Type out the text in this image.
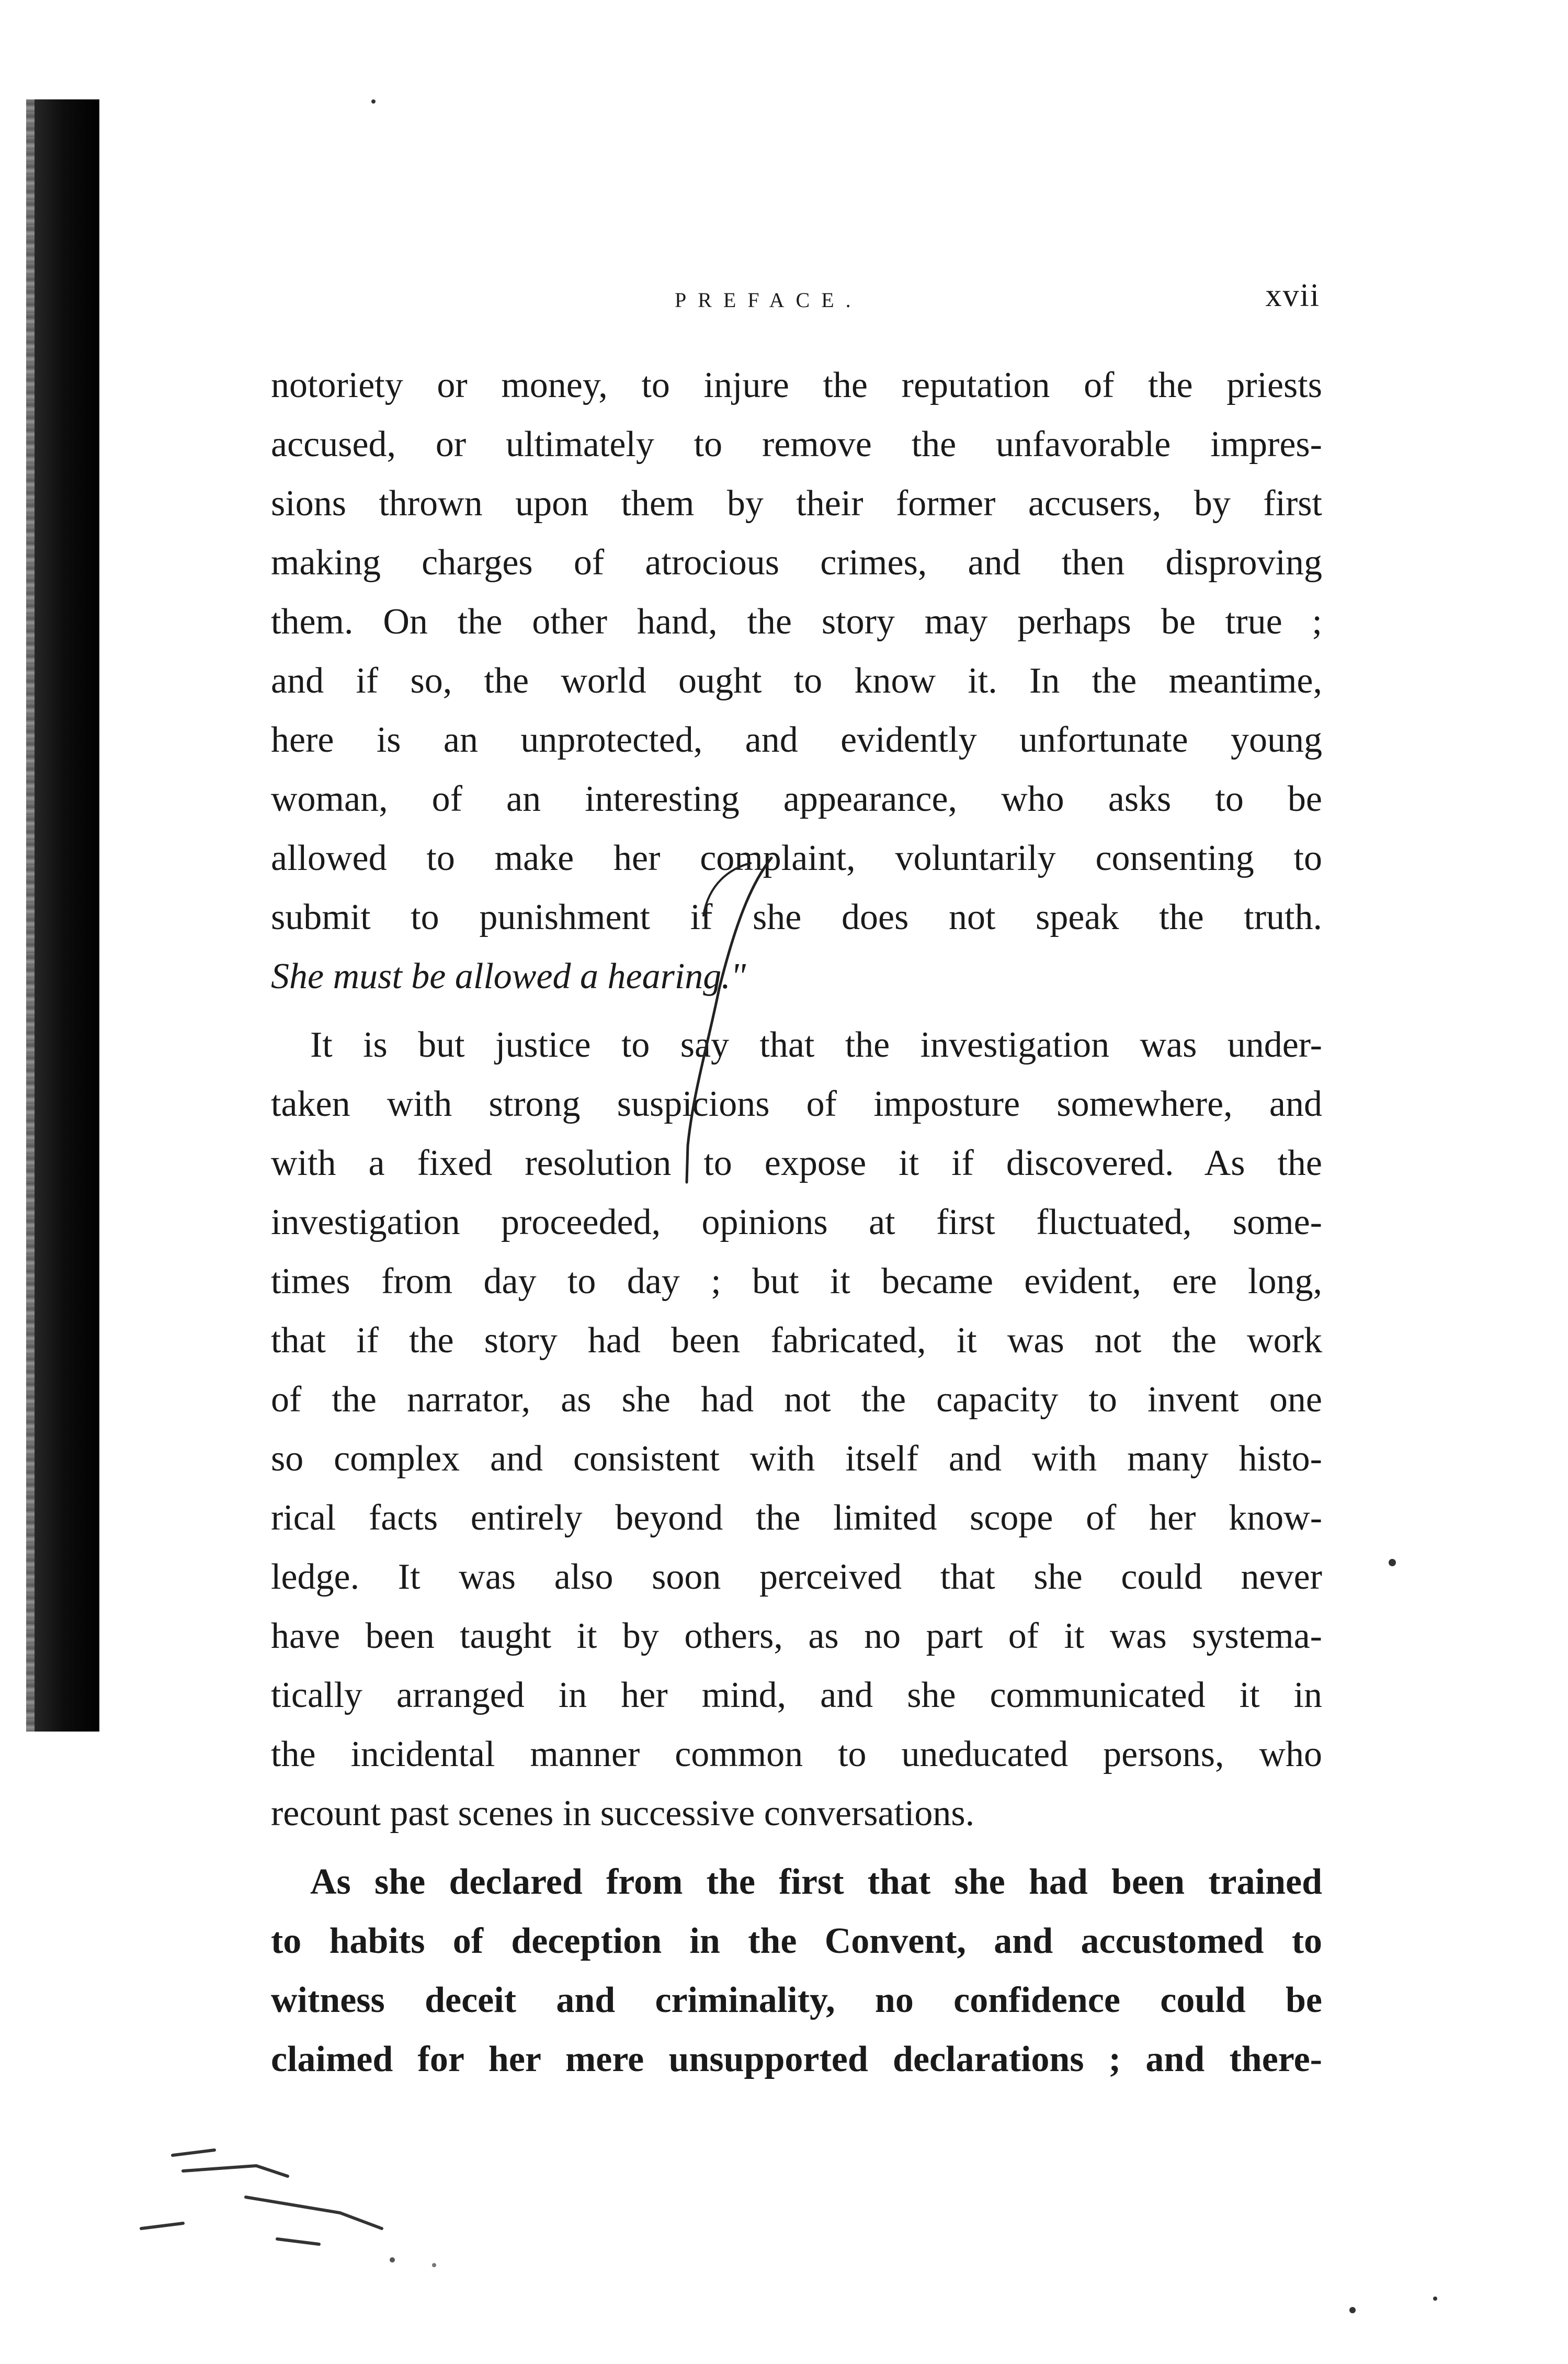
PREFACE.	xvii
notoriety or money, to injure the reputation of the priests
accused, or ultimately to remove the unfavorable impres-
sions thrown upon them by their former accusers, by first
making charges of atrocious crimes, and then disproving
them. On the other hand, the story may perhaps be true ;
and if so, the world ought to know it. In the meantime,
here is an unprotected, and evidently unfortunate young
woman, of an interesting appearance, who asks to be
allowed to make her complaint, voluntarily consenting to
submit to punishment if she does not speak the truth.
She must be allowed a hearing."
It is but justice to say that the investigation was under-
taken with strong suspicions of imposture somewhere, and
with a fixed resolution to expose it if discovered. As the
investigation proceeded, opinions at first fluctuated, some-
times from day to day ; but it became evident, ere long,
that if the story had been fabricated, it was not the work
of the narrator, as she had not the capacity to invent one
so complex and consistent with itself and with many histo-
rical facts entirely beyond the limited scope of her know-
ledge. It was also soon perceived that she could never
have been taught it by others, as no part of it was systema-
tically arranged in her mind, and she communicated it in
the incidental manner common to uneducated persons, who
recount past scenes in successive conversations.
As she declared from the first that she had been trained
to habits of deception in the Convent, and accustomed to
witness deceit and criminality, no confidence could be
claimed for her mere unsupported declarations ; and there-
